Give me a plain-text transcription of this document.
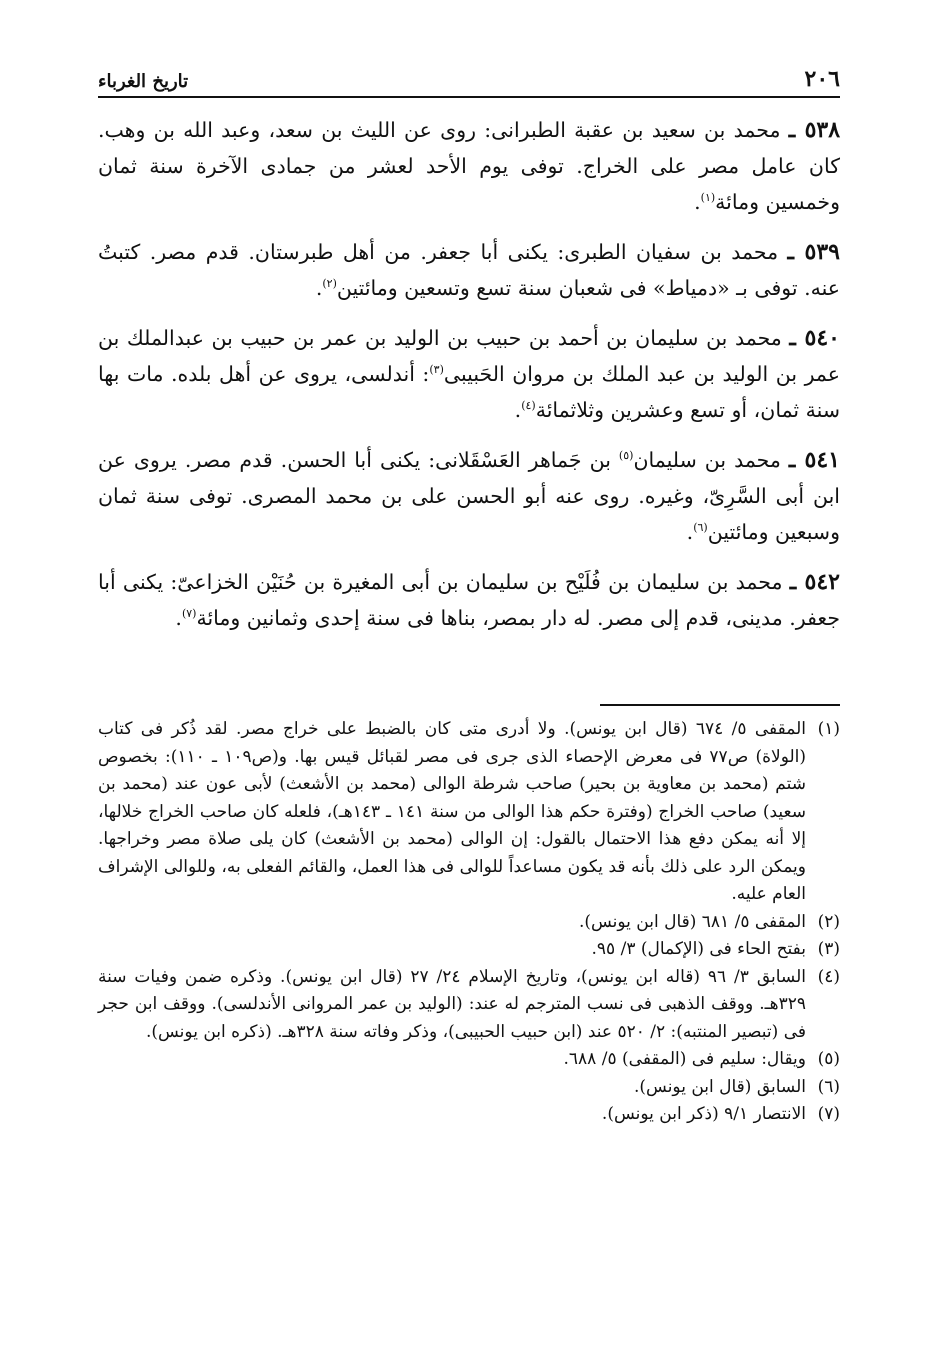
٢٠٦
تاريخ الغرباء

٥٣٨ ـ محمد بن سعيد بن عقبة الطبرانى: روى عن الليث بن سعد، وعبد الله بن وهب. كان عامل مصر على الخراج. توفى يوم الأحد لعشر من جمادى الآخرة سنة ثمان وخمسين ومائة$^{(١)}$.

٥٣٩ ـ محمد بن سفيان الطبرى: يكنى أبا جعفر. من أهل طبرستان. قدم مصر. كتبتُ عنه. توفى بـ «دمياط» فى شعبان سنة تسع وتسعين ومائتين$^{(٢)}$.

٥٤٠ ـ محمد بن سليمان بن أحمد بن حبيب بن الوليد بن عمر بن حبيب بن عبدالملك بن عمر بن الوليد بن عبد الملك بن مروان الحَبيبى$^{(٣)}$: أندلسى، يروى عن أهل بلده. مات بها سنة ثمان، أو تسع وعشرين وثلاثمائة$^{(٤)}$.

٥٤١ ـ محمد بن سليمان$^{(٥)}$ بن جَماهر العَسْقَلانى: يكنى أبا الحسن. قدم مصر. يروى عن ابن أبى السَّرِىّ، وغيره. روى عنه أبو الحسن على بن محمد المصرى. توفى سنة ثمان وسبعين ومائتين$^{(٦)}$.

٥٤٢ ـ محمد بن سليمان بن فُلَيْح بن سليمان بن أبى المغيرة بن حُنَيْن الخزاعىّ: يكنى أبا جعفر. مدينى، قدم إلى مصر. له دار بمصر، بناها فى سنة إحدى وثمانين ومائة$^{(٧)}$.

(١)
المقفى ٥/ ٦٧٤ (قال ابن يونس). ولا أدرى متى كان بالضبط على خراج مصر. لقد ذُكر فى كتاب (الولاة) ص٧٧ فى معرض الإحصاء الذى جرى فى مصر لقبائل قيس بها. و(ص١٠٩ ـ ١١٠): بخصوص شتم (محمد بن معاوية بن بحير) صاحب شرطة الوالى (محمد بن الأشعث) لأبى عون عند (محمد بن سعيد) صاحب الخراج (وفترة حكم هذا الوالى من سنة ١٤١ ـ ١٤٣هـ)، فلعله كان صاحب الخراج خلالها، إلا أنه يمكن دفع هذا الاحتمال بالقول: إن الوالى (محمد بن الأشعث) كان يلى صلاة مصر وخراجها. ويمكن الرد على ذلك بأنه قد يكون مساعداً للوالى فى هذا العمل، والقائم الفعلى به، وللوالى الإشراف العام عليه.

(٢)
المقفى ٥/ ٦٨١ (قال ابن يونس).

(٣)
بفتح الحاء فى (الإكمال) ٣/ ٩٥.

(٤)
السابق ٣/ ٩٦ (قاله ابن يونس)، وتاريخ الإسلام ٢٤/ ٢٧ (قال ابن يونس). وذكره ضمن وفيات سنة ٣٢٩هـ. ووقف الذهبى فى نسب المترجم له عند: (الوليد بن عمر المروانى الأندلسى). ووقف ابن حجر فى (تبصير المنتبه): ٢/ ٥٢٠ عند (ابن حبيب الحبيبى)، وذكر وفاته سنة ٣٢٨هـ. (ذكره ابن يونس).

(٥)
ويقال: سليم فى (المقفى) ٥/ ٦٨٨.

(٦)
السابق (قال ابن يونس).

(٧)
الانتصار ٩/١ (ذكر ابن يونس).
